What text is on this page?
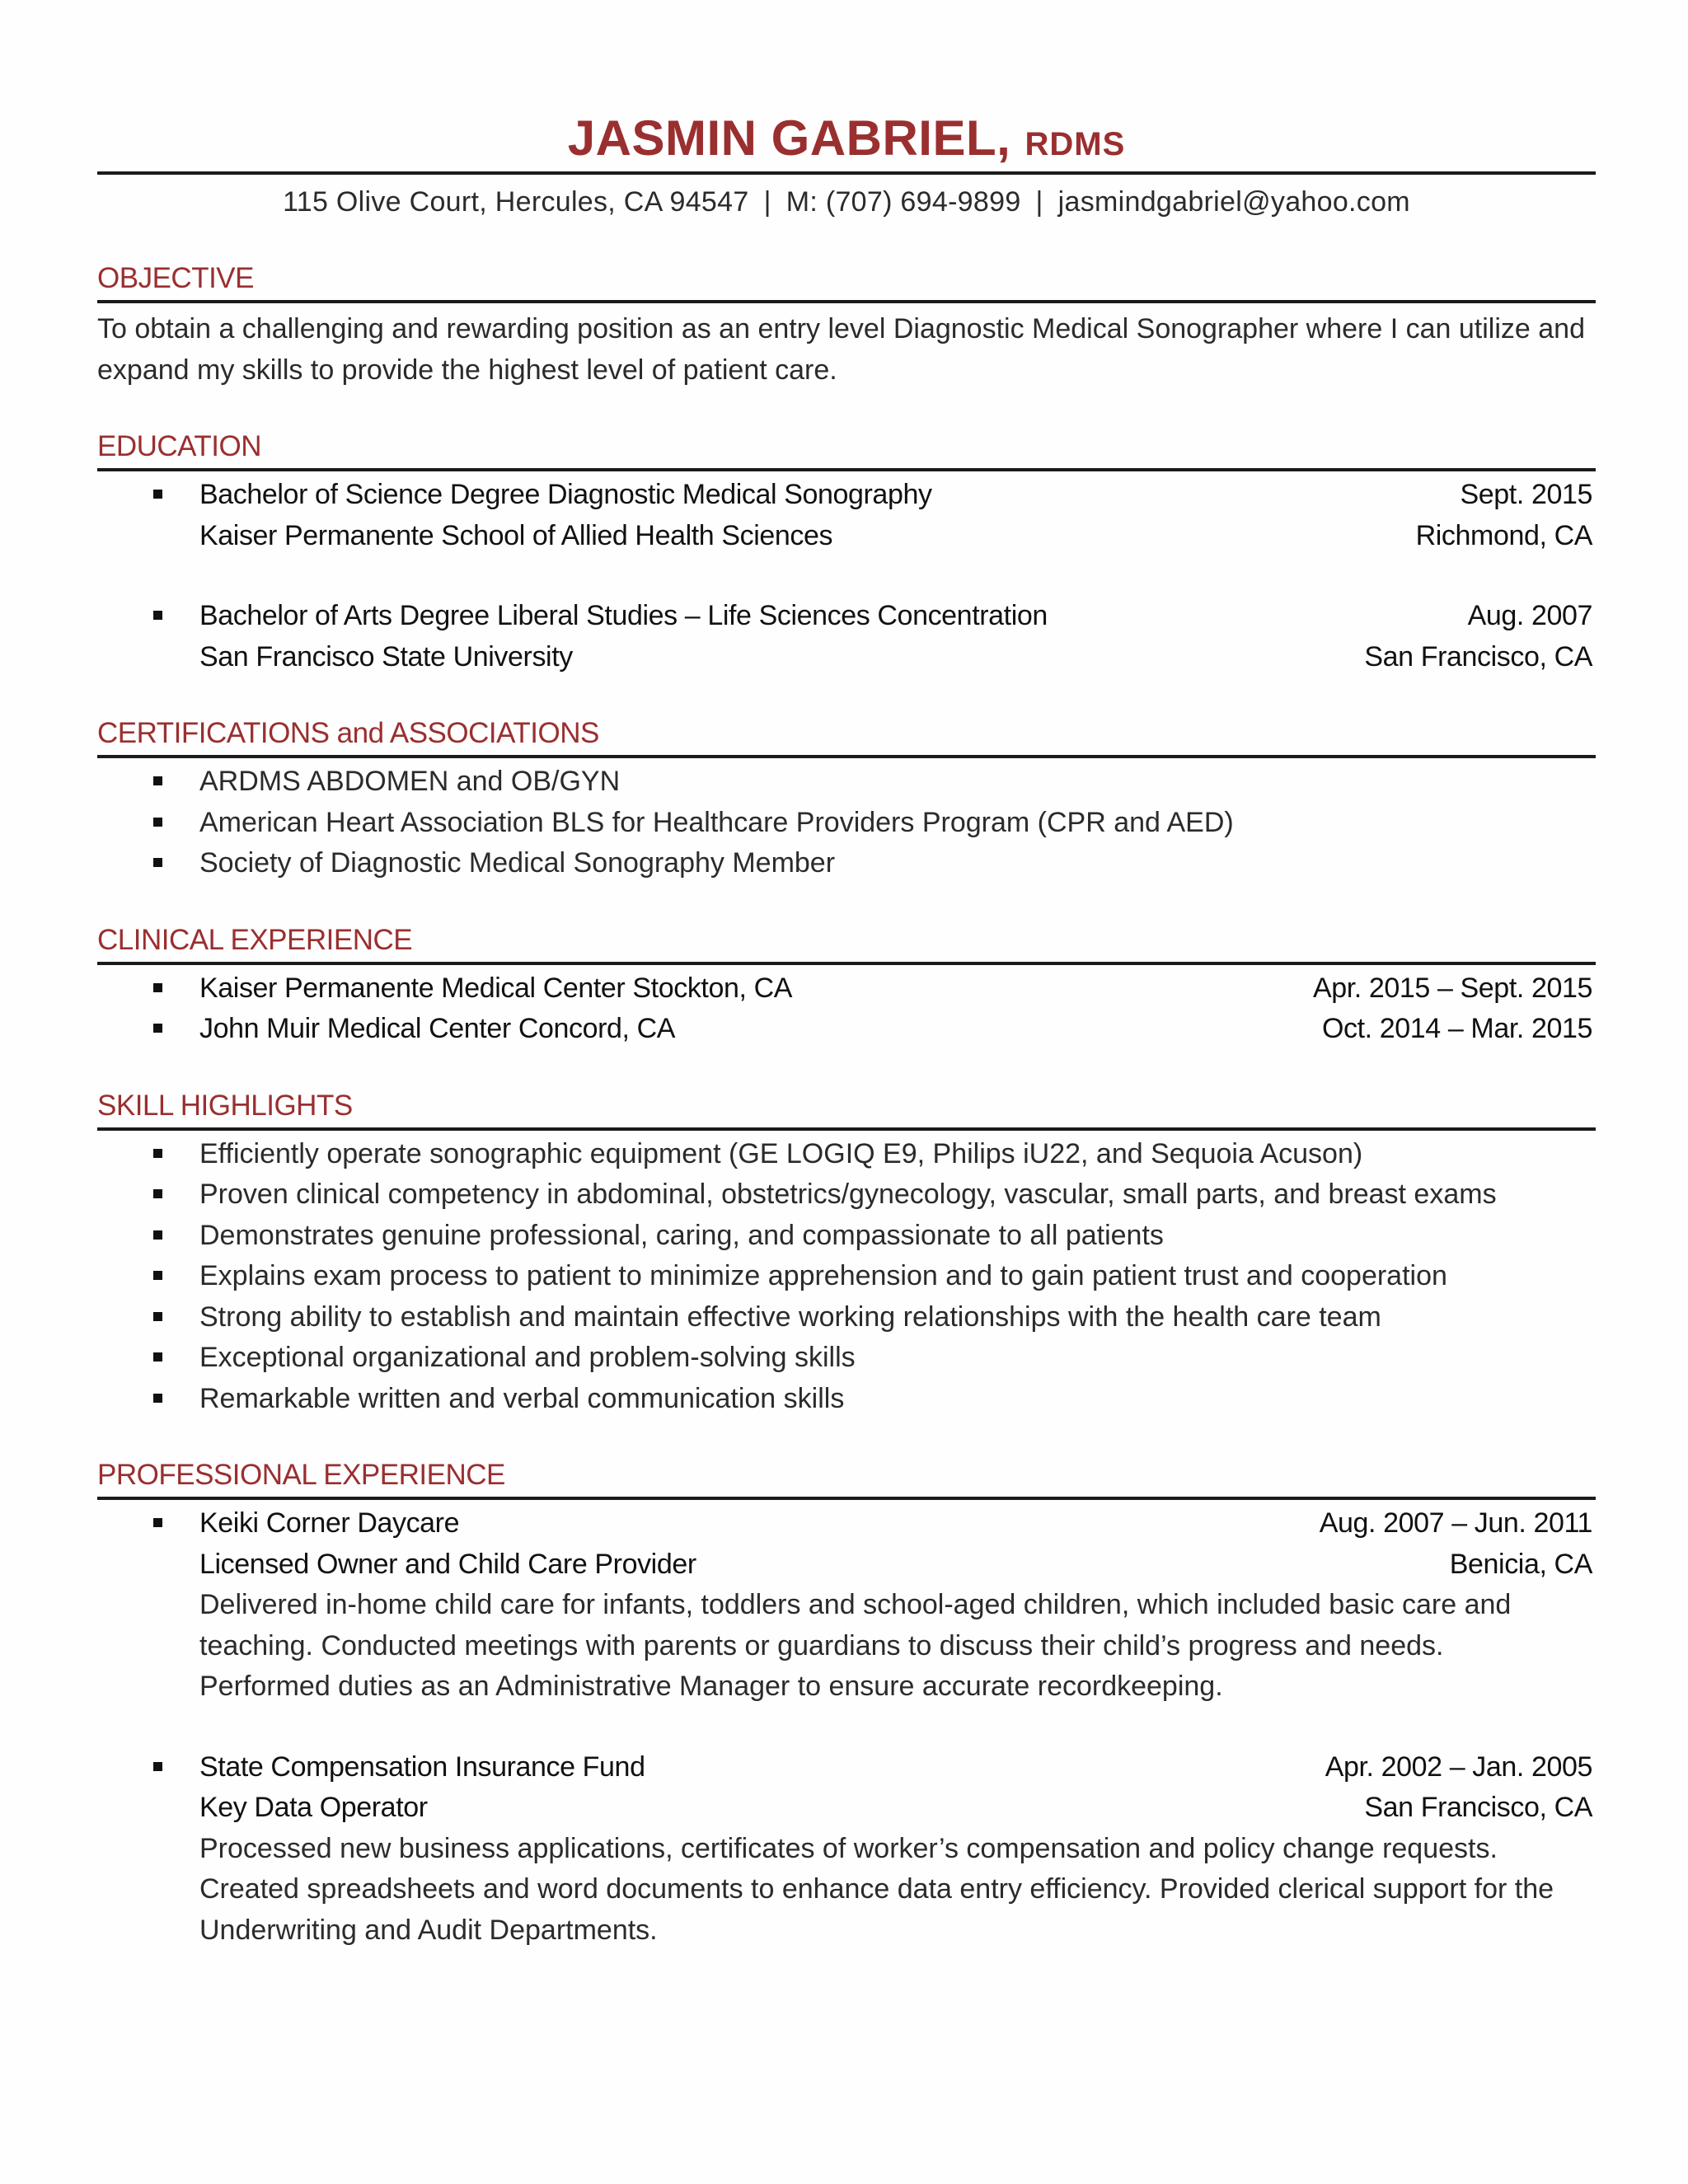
JASMIN GABRIEL, RDMS
115 Olive Court, Hercules, CA 94547 | M: (707) 694-9899 | jasmindgabriel@yahoo.com
OBJECTIVE
To obtain a challenging and rewarding position as an entry level Diagnostic Medical Sonographer where I can utilize and expand my skills to provide the highest level of patient care.
EDUCATION
Bachelor of Science Degree Diagnostic Medical Sonography	Sept. 2015
Kaiser Permanente School of Allied Health Sciences	Richmond, CA
Bachelor of Arts Degree Liberal Studies – Life Sciences Concentration	Aug. 2007
San Francisco State University	San Francisco, CA
CERTIFICATIONS and ASSOCIATIONS
ARDMS ABDOMEN and OB/GYN
American Heart Association BLS for Healthcare Providers Program (CPR and AED)
Society of Diagnostic Medical Sonography Member
CLINICAL EXPERIENCE
Kaiser Permanente Medical Center Stockton, CA	Apr. 2015 – Sept. 2015
John Muir Medical Center Concord, CA	Oct. 2014 – Mar. 2015
SKILL HIGHLIGHTS
Efficiently operate sonographic equipment (GE LOGIQ E9, Philips iU22, and Sequoia Acuson)
Proven clinical competency in abdominal, obstetrics/gynecology, vascular, small parts, and breast exams
Demonstrates genuine professional, caring, and compassionate to all patients
Explains exam process to patient to minimize apprehension and to gain patient trust and cooperation
Strong ability to establish and maintain effective working relationships with the health care team
Exceptional organizational and problem-solving skills
Remarkable written and verbal communication skills
PROFESSIONAL EXPERIENCE
Keiki Corner Daycare	Aug. 2007 – Jun. 2011
Licensed Owner and Child Care Provider	Benicia, CA
Delivered in-home child care for infants, toddlers and school-aged children, which included basic care and teaching. Conducted meetings with parents or guardians to discuss their child’s progress and needs. Performed duties as an Administrative Manager to ensure accurate recordkeeping.
State Compensation Insurance Fund	Apr. 2002 – Jan. 2005
Key Data Operator	San Francisco, CA
Processed new business applications, certificates of worker’s compensation and policy change requests. Created spreadsheets and word documents to enhance data entry efficiency. Provided clerical support for the Underwriting and Audit Departments.
